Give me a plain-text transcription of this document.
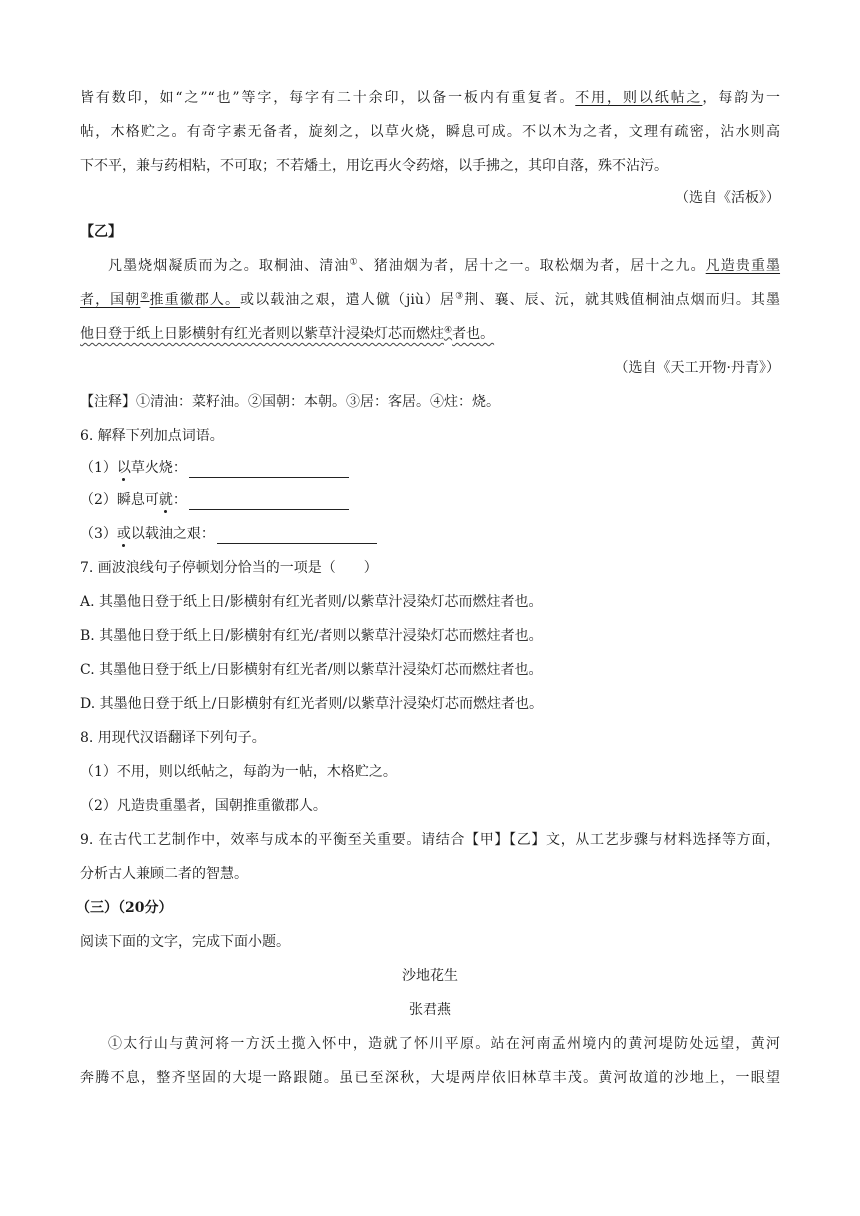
皆有数印，如“之”“也”等字，每字有二十余印，以备一板内有重复者。不用，则以纸帖之，每韵为一
帖，木格贮之。有奇字素无备者，旋刻之，以草火烧，瞬息可成。不以木为之者，文理有疏密，沾水则高
下不平，兼与药相粘，不可取；不若燔土，用讫再火令药熔，以手拂之，其印自落，殊不沾污。
（选自《活板》）
【乙】
凡墨烧烟凝质而为之。取桐油、清油①、猪油烟为者，居十之一。取松烟为者，居十之九。凡造贵重墨
者，国朝②推重徽郡人。或以载油之艰，遣人僦（jiù）居③荆、襄、辰、沅，就其贱值桐油点烟而归。其墨
他日登于纸上日影横射有红光者则以紫草汁浸染灯芯而燃炷④者也。
（选自《天工开物·丹青》）
【注释】①清油：菜籽油。②国朝：本朝。③居：客居。④炷：烧。
6. 解释下列加点词语。
（1）以草火烧：
（2）瞬息可就：
（3）或以载油之艰：
7. 画波浪线句子停顿划分恰当的一项是（　　）
A. 其墨他日登于纸上日/影横射有红光者则/以紫草汁浸染灯芯而燃炷者也。
B. 其墨他日登于纸上日/影横射有红光/者则以紫草汁浸染灯芯而燃炷者也。
C. 其墨他日登于纸上/日影横射有红光者/则以紫草汁浸染灯芯而燃炷者也。
D. 其墨他日登于纸上/日影横射有红光者则/以紫草汁浸染灯芯而燃炷者也。
8. 用现代汉语翻译下列句子。
（1）不用，则以纸帖之，每韵为一帖，木格贮之。
（2）凡造贵重墨者，国朝推重徽郡人。
9. 在古代工艺制作中，效率与成本的平衡至关重要。请结合【甲】【乙】文，从工艺步骤与材料选择等方面，
分析古人兼顾二者的智慧。
（三）（20分）
阅读下面的文字，完成下面小题。
沙地花生
张君燕
①太行山与黄河将一方沃土揽入怀中，造就了怀川平原。站在河南孟州境内的黄河堤防处远望，黄河
奔腾不息，整齐坚固的大堤一路跟随。虽已至深秋，大堤两岸依旧林草丰茂。黄河故道的沙地上，一眼望
